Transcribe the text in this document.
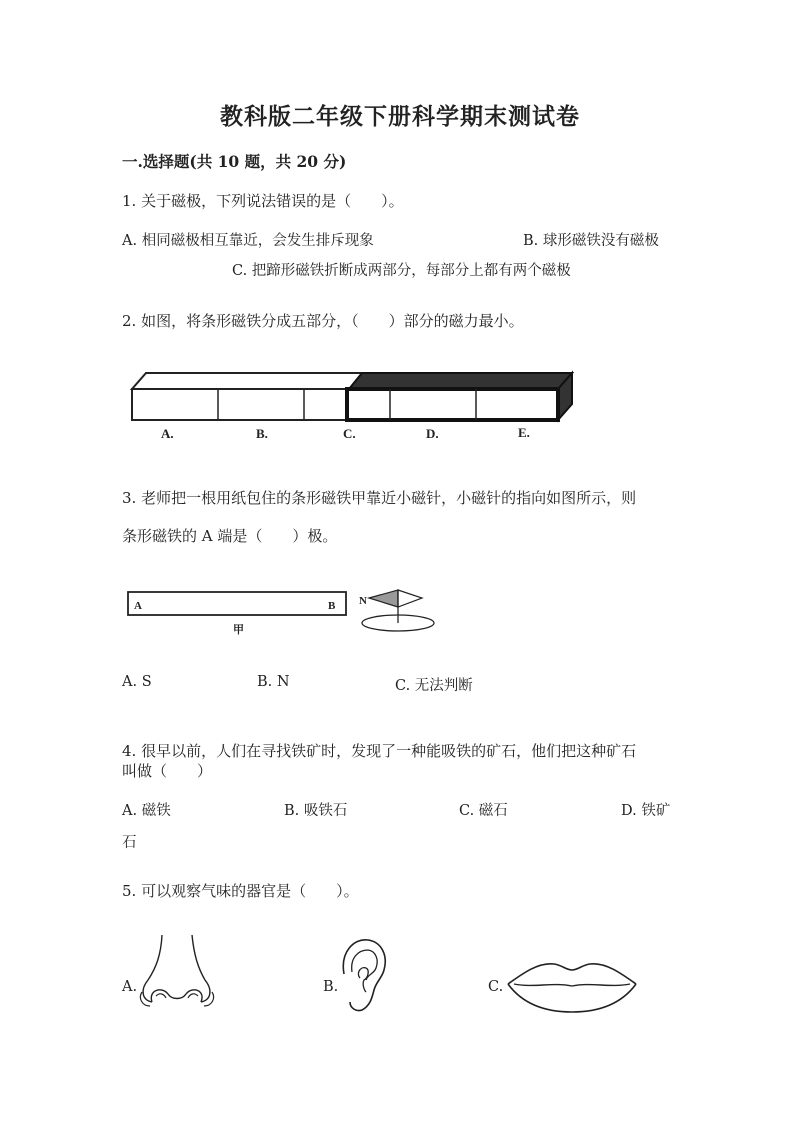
教科版二年级下册科学期末测试卷
一.选择题(共 10 题，共 20 分)
1. 关于磁极，下列说法错误的是（　　）。
A. 相同磁极相互靠近，会发生排斥现象	B. 球形磁铁没有磁极
C. 把蹄形磁铁折断成两部分，每部分上都有两个磁极
2. 如图，将条形磁铁分成五部分，（　　）部分的磁力最小。
A.	B.	C.	D.	E.
3. 老师把一根用纸包住的条形磁铁甲靠近小磁针，小磁针的指向如图所示，则
条形磁铁的 A 端是（　　）极。
A	B
甲
N
A. S	B. N	C. 无法判断
4. 很早以前，人们在寻找铁矿时，发现了一种能吸铁的矿石，他们把这种矿石
叫做（　　）
A. 磁铁	B. 吸铁石	C. 磁石	D. 铁矿
石
5. 可以观察气味的器官是（　　）。
A.	B.	C.
